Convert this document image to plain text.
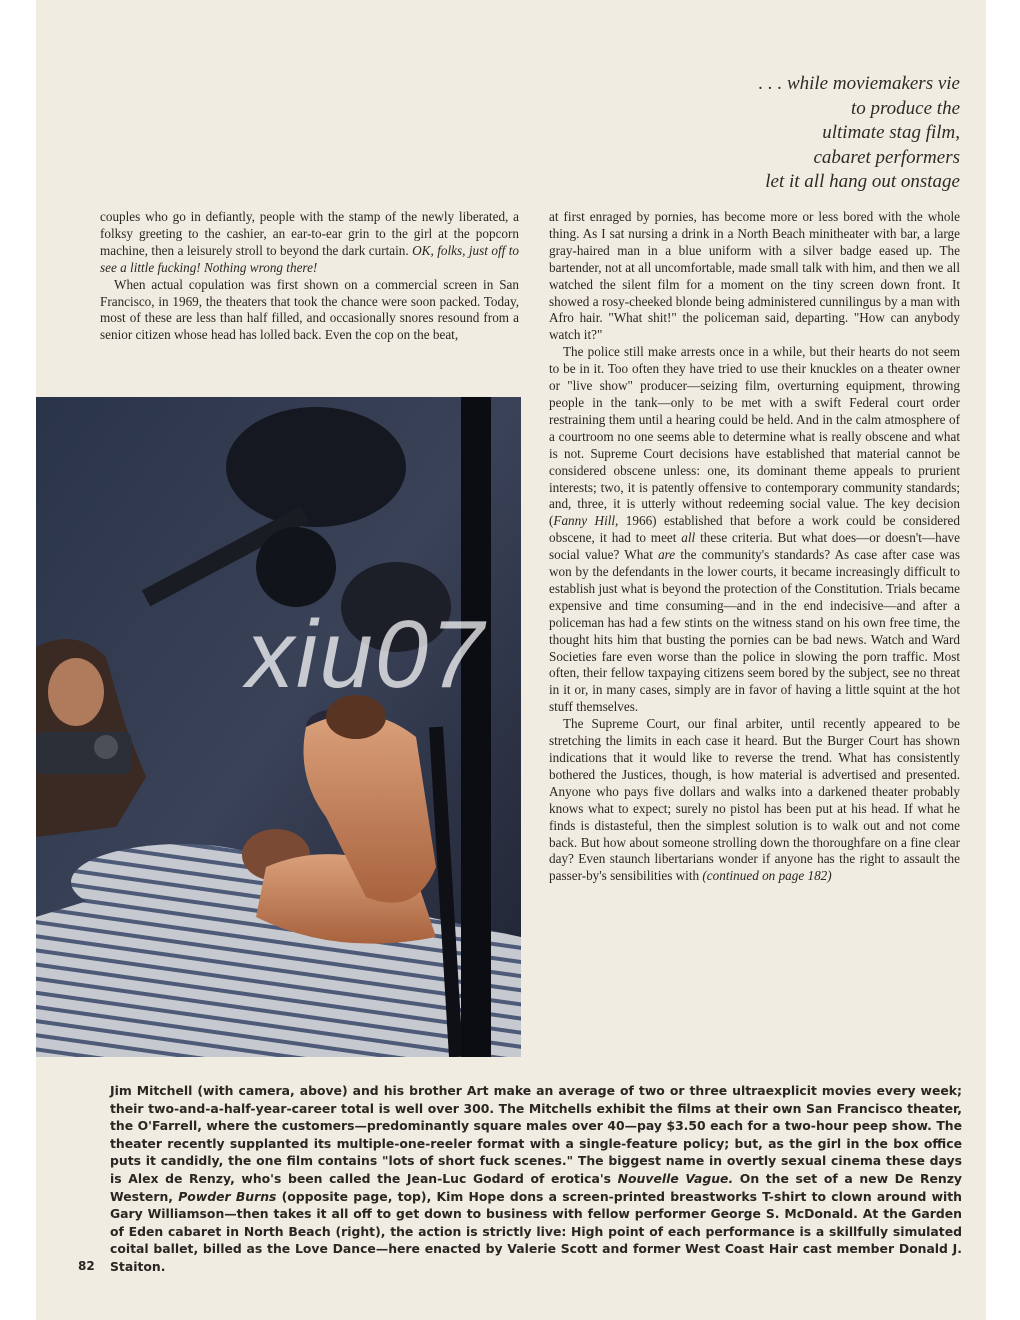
. . . while moviemakers vie
to produce the
ultimate stag film,
cabaret performers
let it all hang out onstage

couples who go in defiantly, people with the stamp of the newly liberated, a folksy greeting to the cashier, an ear-to-ear grin to the girl at the popcorn machine, then a leisurely stroll to beyond the dark curtain. OK, folks, just off to see a little fucking! Nothing wrong there!

When actual copulation was first shown on a commercial screen in San Francisco, in 1969, the theaters that took the chance were soon packed. Today, most of these are less than half filled, and occasionally snores resound from a senior citizen whose head has lolled back. Even the cop on the beat,

at first enraged by pornies, has become more or less bored with the whole thing. As I sat nursing a drink in a North Beach minitheater with bar, a large gray-haired man in a blue uniform with a silver badge eased up. The bartender, not at all uncomfortable, made small talk with him, and then we all watched the silent film for a moment on the tiny screen down front. It showed a rosy-cheeked blonde being administered cunnilingus by a man with Afro hair. "What shit!" the policeman said, departing. "How can anybody watch it?"

The police still make arrests once in a while, but their hearts do not seem to be in it. Too often they have tried to use their knuckles on a theater owner or "live show" producer—seizing film, overturning equipment, throwing people in the tank—only to be met with a swift Federal court order restraining them until a hearing could be held. And in the calm atmosphere of a courtroom no one seems able to determine what is really obscene and what is not. Supreme Court decisions have established that material cannot be considered obscene unless: one, its dominant theme appeals to prurient interests; two, it is patently offensive to contemporary community standards; and, three, it is utterly without redeeming social value. The key decision (Fanny Hill, 1966) established that before a work could be considered obscene, it had to meet all these criteria. But what does—or doesn't—have social value? What are the community's standards? As case after case was won by the defendants in the lower courts, it became increasingly difficult to establish just what is beyond the protection of the Constitution. Trials became expensive and time consuming—and in the end indecisive—and after a policeman has had a few stints on the witness stand on his own free time, the thought hits him that busting the pornies can be bad news. Watch and Ward Societies fare even worse than the police in slowing the porn traffic. Most often, their fellow taxpaying citizens seem bored by the subject, see no threat in it or, in many cases, simply are in favor of having a little squint at the hot stuff themselves.

The Supreme Court, our final arbiter, until recently appeared to be stretching the limits in each case it heard. But the Burger Court has shown indications that it would like to reverse the trend. What has consistently bothered the Justices, though, is how material is advertised and presented. Anyone who pays five dollars and walks into a darkened theater probably knows what to expect; surely no pistol has been put at his head. If what he finds is distasteful, then the simplest solution is to walk out and not come back. But how about someone strolling down the thoroughfare on a fine clear day? Even staunch libertarians wonder if anyone has the right to assault the passer-by's sensibilities with (continued on page 182)

xiu07
Jim Mitchell (with camera, above) and his brother Art make an average of two or three ultraexplicit movies every week; their two-and-a-half-year-career total is well over 300. The Mitchells exhibit the films at their own San Francisco theater, the O'Farrell, where the customers—predominantly square males over 40—pay $3.50 each for a two-hour peep show. The theater recently supplanted its multiple-one-reeler format with a single-feature policy; but, as the girl in the box office puts it candidly, the one film contains "lots of short fuck scenes." The biggest name in overtly sexual cinema these days is Alex de Renzy, who's been called the Jean-Luc Godard of erotica's Nouvelle Vague. On the set of a new De Renzy Western, Powder Burns (opposite page, top), Kim Hope dons a screen-printed breastworks T-shirt to clown around with Gary Williamson—then takes it all off to get down to business with fellow performer George S. McDonald. At the Garden of Eden cabaret in North Beach (right), the action is strictly live: High point of each performance is a skillfully simulated coital ballet, billed as the Love Dance—here enacted by Valerie Scott and former West Coast Hair cast member Donald J. Staiton.
82
